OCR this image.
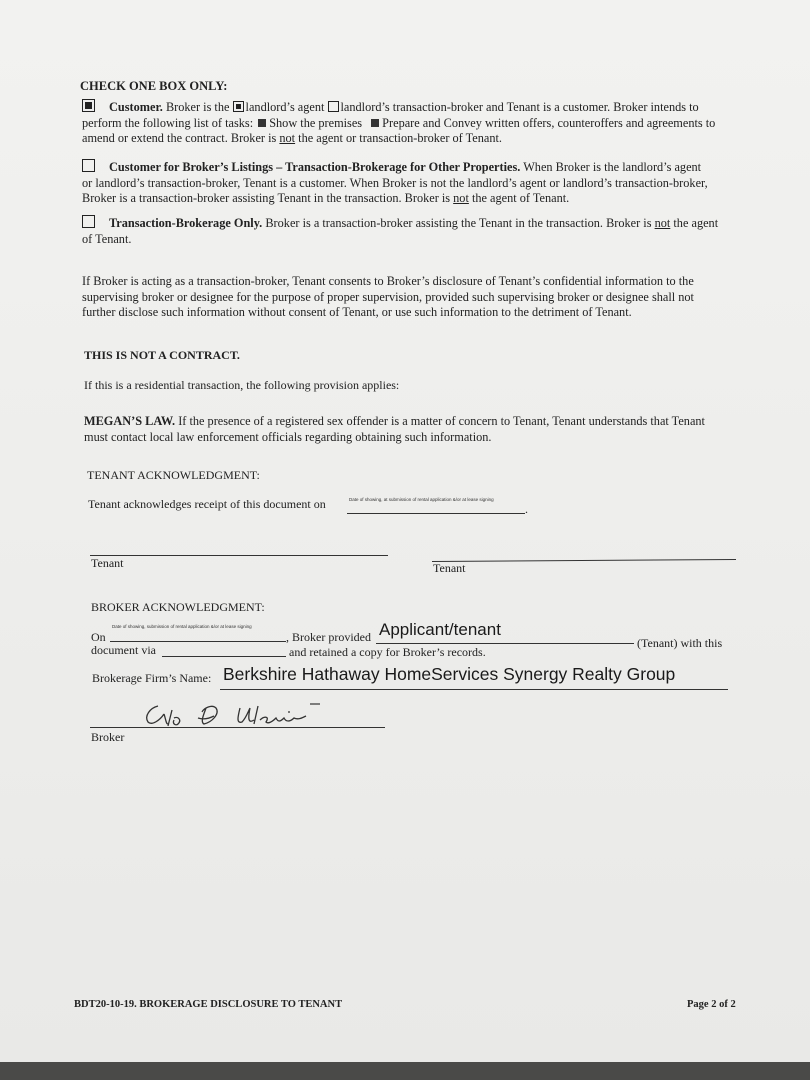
CHECK ONE BOX ONLY:
Customer. Broker is the landlord’s agent landlord’s transaction-broker and Tenant is a customer. Broker intends to
perform the following list of tasks: Show the premises Prepare and Convey written offers, counteroffers and agreements to
amend or extend the contract. Broker is not the agent or transaction-broker of Tenant.
Customer for Broker’s Listings – Transaction-Brokerage for Other Properties. When Broker is the landlord’s agent
or landlord’s transaction-broker, Tenant is a customer. When Broker is not the landlord’s agent or landlord’s transaction-broker,
Broker is a transaction-broker assisting Tenant in the transaction. Broker is not the agent of Tenant.
Transaction-Brokerage Only. Broker is a transaction-broker assisting the Tenant in the transaction. Broker is not the agent
of Tenant.
If Broker is acting as a transaction-broker, Tenant consents to Broker’s disclosure of Tenant’s confidential information to the
supervising broker or designee for the purpose of proper supervision, provided such supervising broker or designee shall not
further disclose such information without consent of Tenant, or use such information to the detriment of Tenant.
THIS IS NOT A CONTRACT.
If this is a residential transaction, the following provision applies:
MEGAN’S LAW. If the presence of a registered sex offender is a matter of concern to Tenant, Tenant understands that Tenant
must contact local law enforcement officials regarding obtaining such information.
TENANT ACKNOWLEDGMENT:
Tenant acknowledges receipt of this document on	Date of showing, at submission of rental application &/or at lease signing
.
Tenant	Tenant
BROKER ACKNOWLEDGMENT:
Date of showing, submission of rental application &/or at lease signing
On	, Broker provided Applicant/tenant
(Tenant) with this
document via	and retained a copy for Broker’s records.
Brokerage Firm’s Name: Berkshire Hathaway HomeServices Synergy Realty Group
Broker
BDT20-10-19. BROKERAGE DISCLOSURE TO TENANT	Page 2 of 2
